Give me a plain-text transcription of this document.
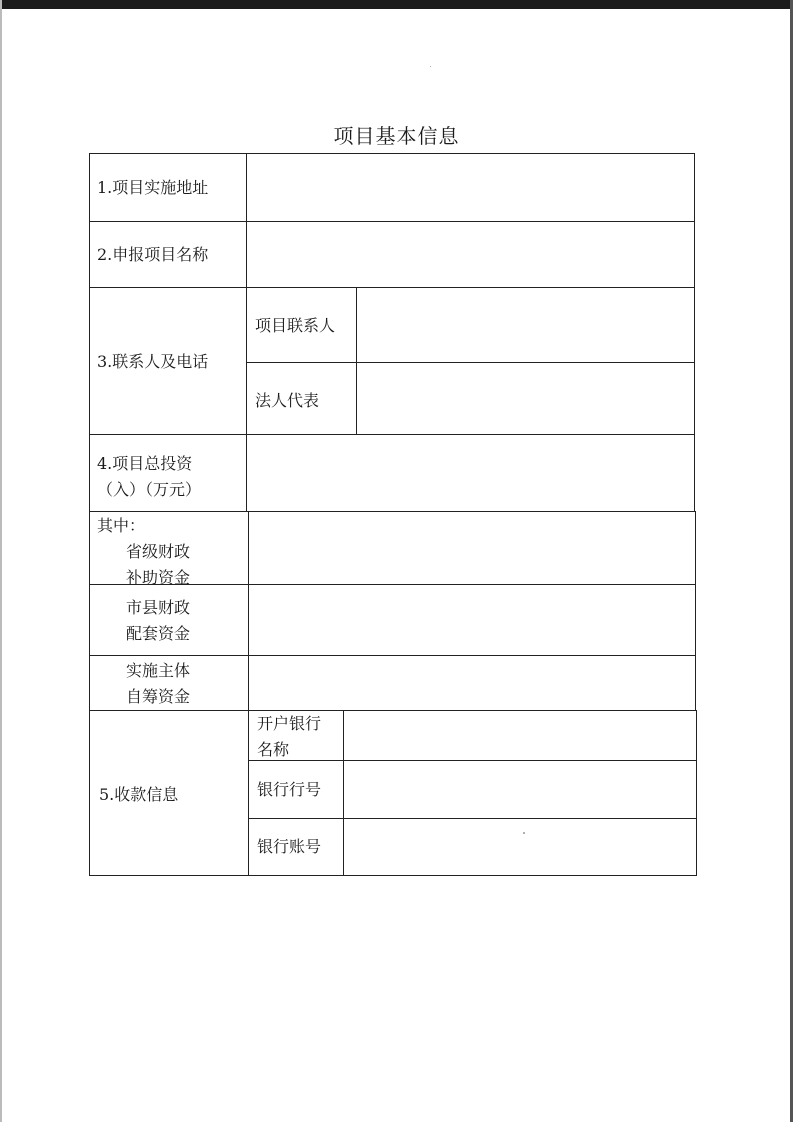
项目基本信息
1.项目实施地址
2.申报项目名称
3.联系人及电话
项目联系人
法人代表
4.项目总投资
（入）（万元）
其中：
省级财政
补助资金
市县财政
配套资金
实施主体
自筹资金
5.收款信息
开户银行
名称
银行行号
银行账号
